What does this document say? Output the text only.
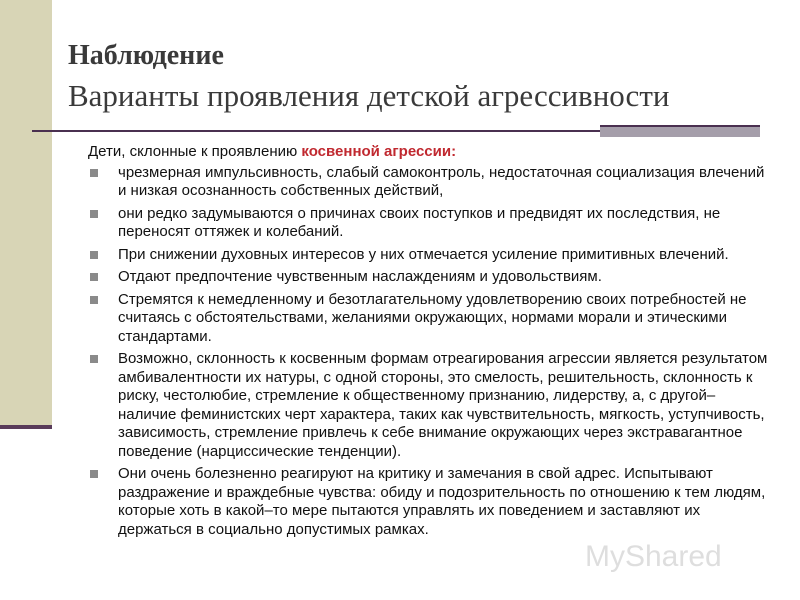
Наблюдение
Варианты проявления детской агрессивности

Дети, склонные к проявлению косвенной агрессии:

чрезмерная импульсивность, слабый самоконтроль, недостаточная социализация влечений и низкая осознанность собственных действий,
они редко задумываются о причинах своих поступков и предвидят их последствия, не переносят оттяжек и колебаний.
При снижении духовных интересов у них отмечается усиление примитивных влечений.
Отдают предпочтение чувственным наслаждениям и удовольствиям.
Стремятся к немедленному и безотлагательному удовлетворению своих потребностей не считаясь с обстоятельствами, желаниями окружающих, нормами морали и этическими стандартами.
Возможно, склонность к косвенным формам отреагирования агрессии является результатом амбивалентности их натуры, с одной стороны, это смелость, решительность, склонность к риску, честолюбие, стремление к общественному признанию, лидерству, а, с другой– наличие феминистских черт характера, таких как чувствительность, мягкость, уступчивость, зависимость, стремление привлечь к себе внимание окружающих через экстравагантное поведение (нарциссические тенденции).
Они очень болезненно реагируют на критику и замечания в свой адрес. Испытывают раздражение и враждебные чувства: обиду и подозрительность по отношению к тем людям, которые хоть в какой–то мере пытаются управлять их поведением и заставляют их держаться в социально допустимых рамках.
MyShared
